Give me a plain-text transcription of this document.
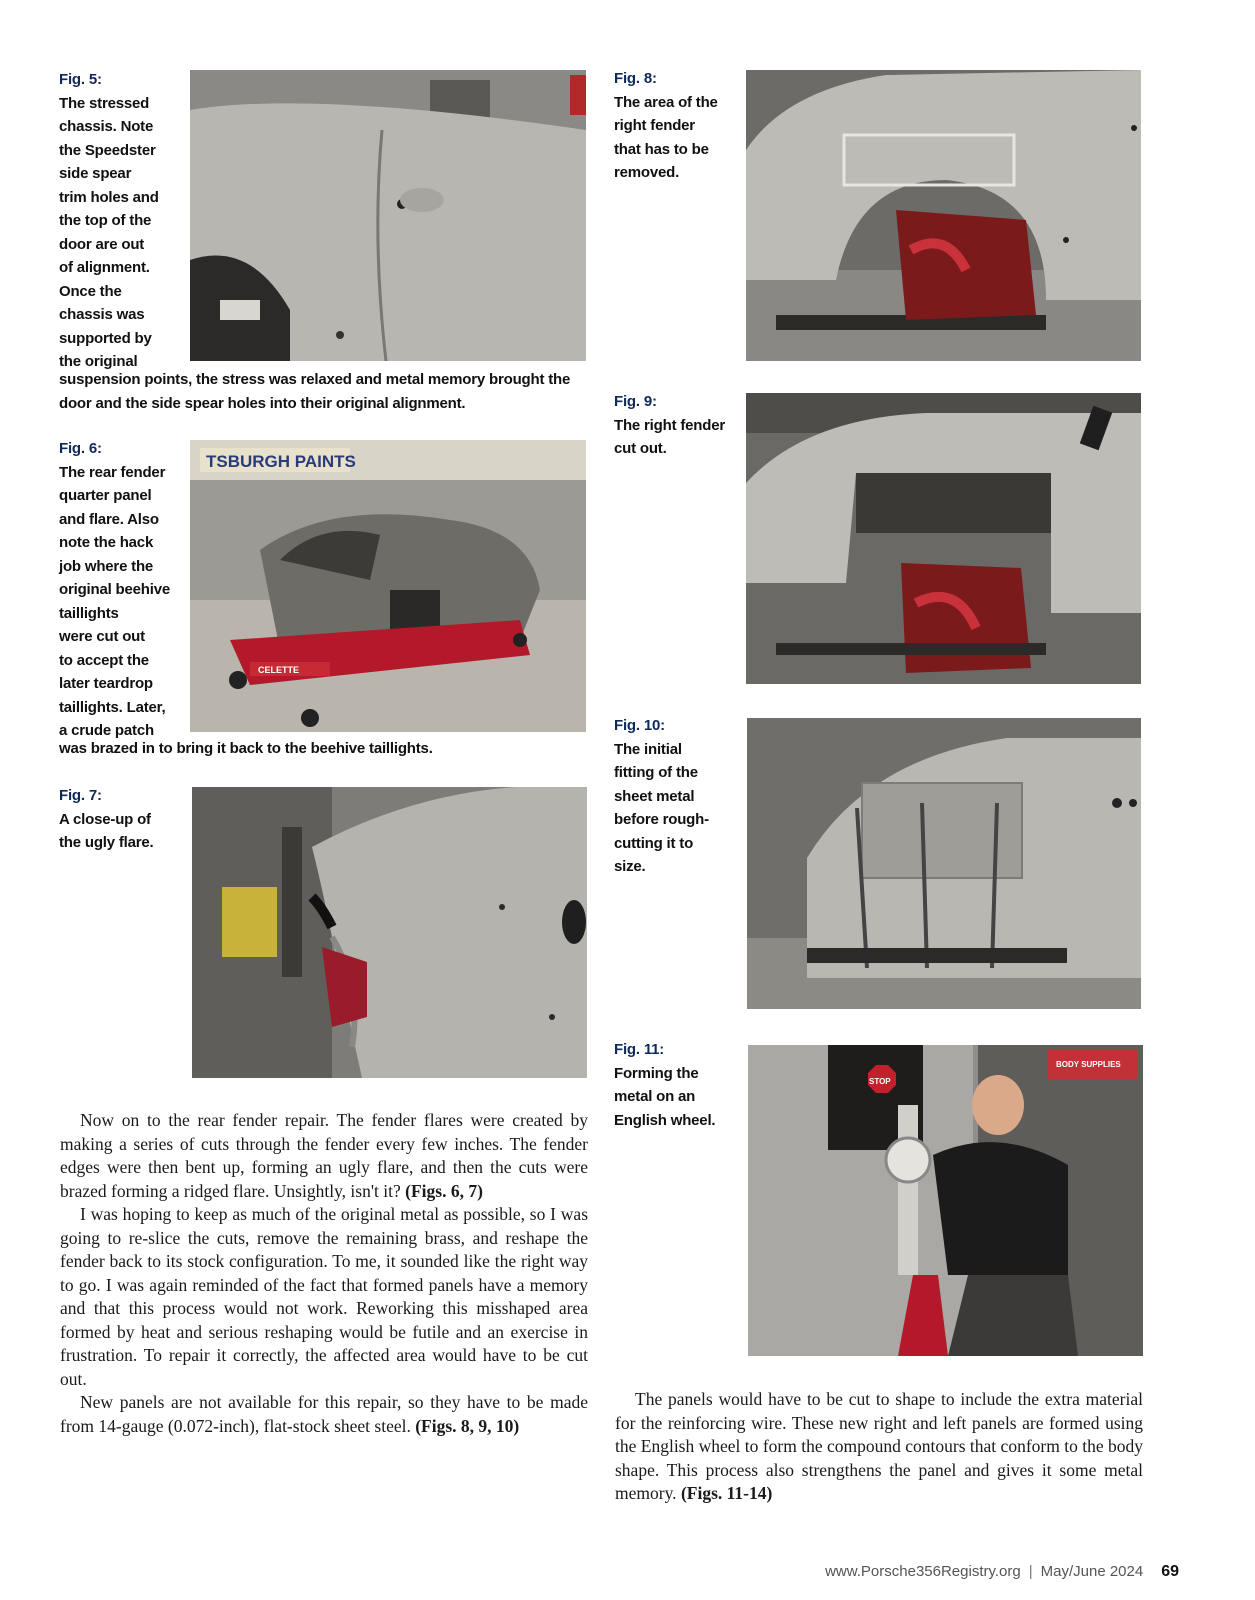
Fig. 5:
The stressed
chassis. Note
the Speedster
side spear
trim holes and
the top of the
door are out
of alignment.
Once the
chassis was
supported by
the original
suspension points, the stress was relaxed and metal memory brought the door and the side spear holes into their original alignment.
Fig. 6:
The rear fender
quarter panel
and flare. Also
note the hack
job where the
original beehive
taillights
were cut out
to accept the
later teardrop
taillights. Later,
a crude patch
was brazed in to bring it back to the beehive taillights.
TSBURGH PAINTS
CELETTE
Fig. 7:
A close-up of
the ugly flare.

Now on to the rear fender repair. The fender flares were created by making a series of cuts through the fender every few inches. The fender edges were then bent up, forming an ugly flare, and then the cuts were brazed forming a ridged flare. Unsightly, isn't it? (Figs. 6, 7)

I was hoping to keep as much of the original metal as possible, so I was going to re-slice the cuts, remove the remaining brass, and reshape the fender back to its stock configuration. To me, it sounded like the right way to go. I was again reminded of the fact that formed panels have a memory and that this process would not work. Reworking this misshaped area formed by heat and serious reshaping would be futile and an exercise in frustration. To repair it correctly, the affected area would have to be cut out.

New panels are not available for this repair, so they have to be made from 14-gauge (0.072-inch), flat-stock sheet steel. (Figs. 8, 9, 10)

Fig. 8:
The area of the
right fender
that has to be
removed.
Fig. 9:
The right fender
cut out.
Fig. 10:
The initial
fitting of the
sheet metal
before rough-
cutting it to
size.
Fig. 11:
Forming the
metal on an
English wheel.
STOP
BODY SUPPLIES

The panels would have to be cut to shape to include the extra material for the reinforcing wire. These new right and left panels are formed using the English wheel to form the compound contours that conform to the body shape. This process also strengthens the panel and gives it some metal memory. (Figs. 11-14)

www.Porsche356Registry.org | May/June 2024 69
